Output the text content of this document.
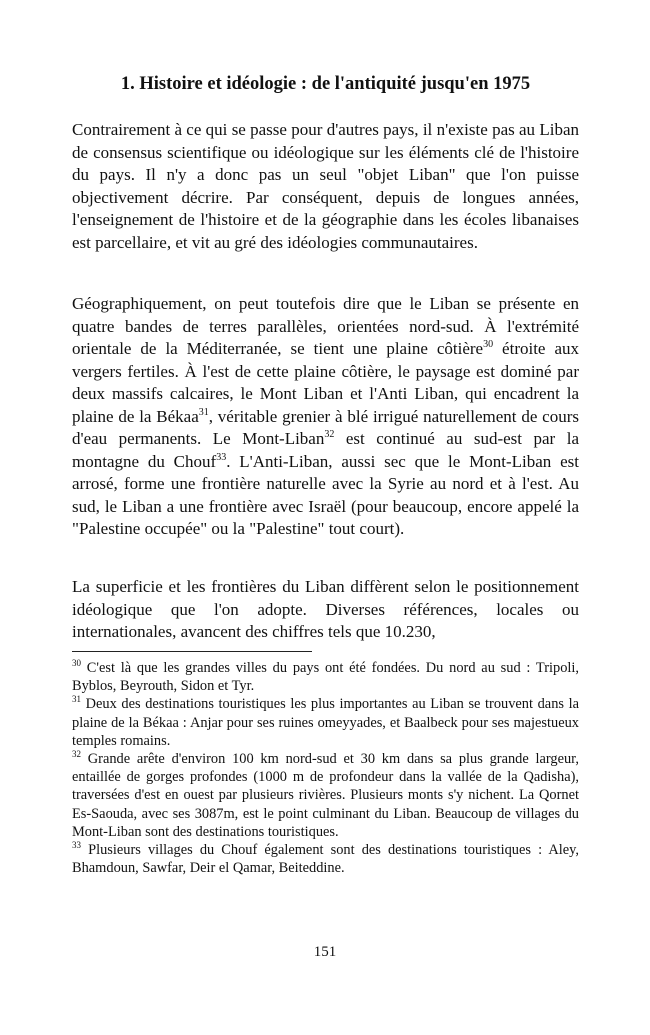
1. Histoire et idéologie : de l'antiquité jusqu'en 1975

Contrairement à ce qui se passe pour d'autres pays, il n'existe pas au Liban de consensus scientifique ou idéologique sur les éléments clé de l'histoire du pays. Il n'y a donc pas un seul "objet Liban" que l'on puisse objectivement décrire. Par conséquent, depuis de longues années, l'enseignement de l'histoire et de la géographie dans les écoles libanaises est parcellaire, et vit au gré des idéologies communautaires.

Géographiquement, on peut toutefois dire que le Liban se présente en quatre bandes de terres parallèles, orientées nord-sud. À l'extrémité orientale de la Méditerranée, se tient une plaine côtière$^{30}$ étroite aux vergers fertiles. À l'est de cette plaine côtière, le paysage est dominé par deux massifs calcaires, le Mont Liban et l'Anti Liban, qui encadrent la plaine de la Békaa$^{31}$, véritable grenier à blé irrigué naturellement de cours d'eau permanents. Le Mont-Liban$^{32}$ est continué au sud-est par la montagne du Chouf$^{33}$. L'Anti-Liban, aussi sec que le Mont-Liban est arrosé, forme une frontière naturelle avec la Syrie au nord et à l'est. Au sud, le Liban a une frontière avec Israël (pour beaucoup, encore appelé la "Palestine occupée" ou la "Palestine" tout court).

La superficie et les frontières du Liban diffèrent selon le positionnement idéologique que l'on adopte. Diverses références, locales ou internationales, avancent des chiffres tels que 10.230,

$^{30}$ C'est là que les grandes villes du pays ont été fondées. Du nord au sud : Tripoli, Byblos, Beyrouth, Sidon et Tyr.

$^{31}$ Deux des destinations touristiques les plus importantes au Liban se trouvent dans la plaine de la Békaa : Anjar pour ses ruines omeyyades, et Baalbeck pour ses majestueux temples romains.

$^{32}$ Grande arête d'environ 100 km nord-sud et 30 km dans sa plus grande largeur, entaillée de gorges profondes (1000 m de profondeur dans la vallée de la Qadisha), traversées d'est en ouest par plusieurs rivières. Plusieurs monts s'y nichent. La Qornet Es-Saouda, avec ses 3087m, est le point culminant du Liban. Beaucoup de villages du Mont-Liban sont des destinations touristiques.

$^{33}$ Plusieurs villages du Chouf également sont des destinations touristiques : Aley, Bhamdoun, Sawfar, Deir el Qamar, Beiteddine.

151
